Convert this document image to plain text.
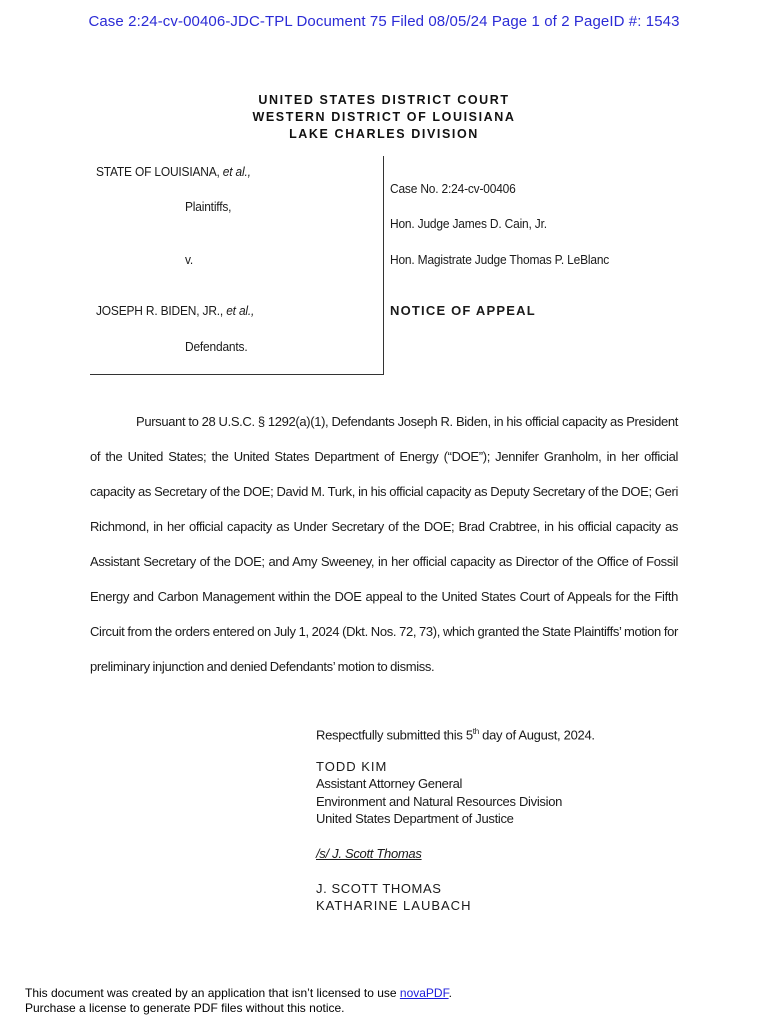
Case 2:24-cv-00406-JDC-TPL Document 75 Filed 08/05/24 Page 1 of 2 PageID #: 1543
UNITED STATES DISTRICT COURT
WESTERN DISTRICT OF LOUISIANA
LAKE CHARLES DIVISION
STATE OF LOUISIANA, et al.,
Plaintiffs,
v.
JOSEPH R. BIDEN, JR., et al.,
Defendants.
Case No. 2:24-cv-00406
Hon. Judge James D. Cain, Jr.
Hon. Magistrate Judge Thomas P. LeBlanc
NOTICE OF APPEAL
Pursuant to 28 U.S.C. § 1292(a)(1), Defendants Joseph R. Biden, in his official capacity as President of the United States; the United States Department of Energy (“DOE”); Jennifer Granholm, in her official capacity as Secretary of the DOE; David M. Turk, in his official capacity as Deputy Secretary of the DOE; Geri Richmond, in her official capacity as Under Secretary of the DOE; Brad Crabtree, in his official capacity as Assistant Secretary of the DOE; and Amy Sweeney, in her official capacity as Director of the Office of Fossil Energy and Carbon Management within the DOE appeal to the United States Court of Appeals for the Fifth Circuit from the orders entered on July 1, 2024 (Dkt. Nos. 72, 73), which granted the State Plaintiffs’ motion for preliminary injunction and denied Defendants’ motion to dismiss.
Respectfully submitted this 5th day of August, 2024.
TODD KIM
Assistant Attorney General
Environment and Natural Resources Division
United States Department of Justice
/s/ J. Scott Thomas
J. SCOTT THOMAS
KATHARINE LAUBACH
This document was created by an application that isn’t licensed to use novaPDF.
Purchase a license to generate PDF files without this notice.
